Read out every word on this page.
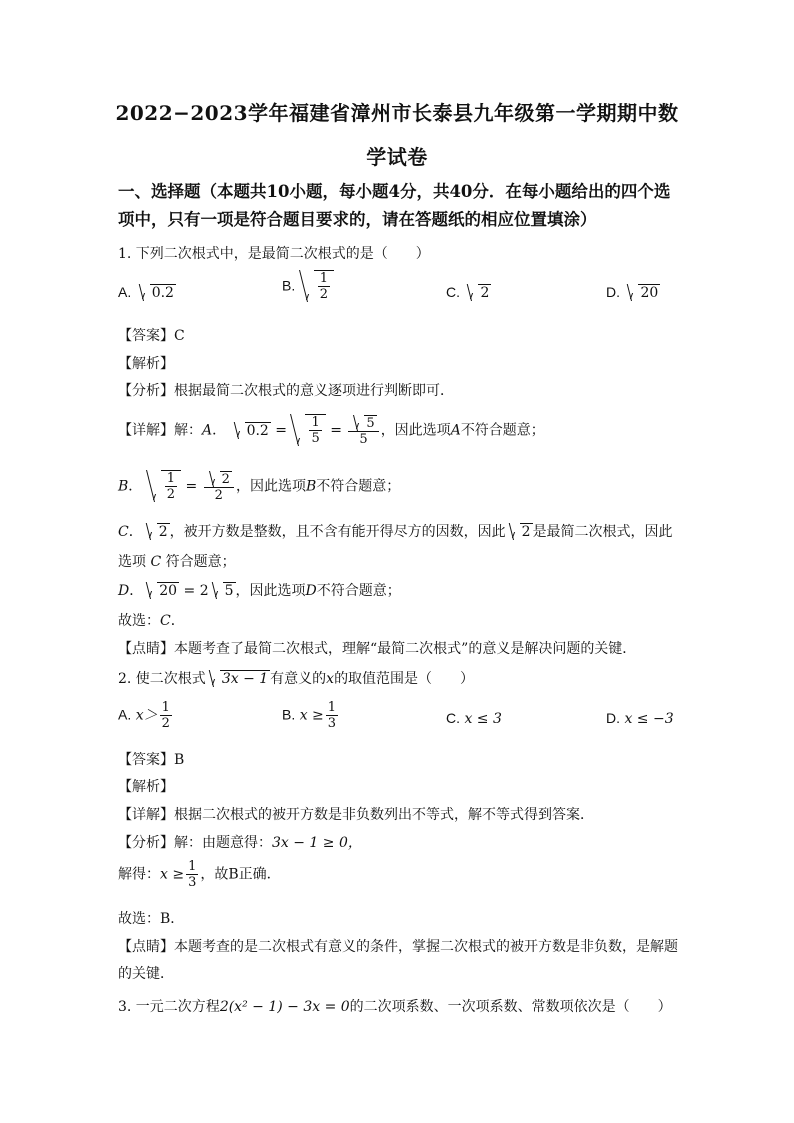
2022−2023学年福建省漳州市长泰县九年级第一学期期中数
学试卷
一、选择题（本题共10小题，每小题4分，共40分．在每小题给出的四个选
项中，只有一项是符合题目要求的，请在答题纸的相应位置填涂）
1. 下列二次根式中，是最简二次根式的是（　　）
A. 0.2	B. $\frac{1}{2}$	C. 2	D. 20
【答案】C
【解析】
【分析】根据最简二次根式的意义逐项进行判断即可．
【详解】解：A． $0.2 = \frac{1}{5} = \frac{5}{5}$ ，因此选项A不符合题意；
B． $\frac{1}{2} = \frac{2}{2}$ ，因此选项B不符合题意；
C． 2 ，被开方数是整数，且不含有能开得尽方的因数，因此 2 是最简二次根式，因此
选项 C 符合题意；
D． 20 = 2 5 ，因此选项D不符合题意；
故选：C．
【点睛】本题考查了最简二次根式，理解“最简二次根式”的意义是解决问题的关键．
2. 使二次根式 3x − 1 有意义的x的取值范围是（　　）
A. $x> \frac{1}{2}$	B. $x \ge \frac{1}{3}$	C. x ≤ 3	D. x ≤ −3
【答案】B
【解析】
【详解】根据二次根式的被开方数是非负数列出不等式，解不等式得到答案．
【分析】解：由题意得：3x − 1 ≥ 0，
解得：$x \ge \frac{1}{3}$ ，故B正确．
故选：B．
【点睛】本题考查的是二次根式有意义的条件，掌握二次根式的被开方数是非负数，是解题
的关键．
3. 一元二次方程2(x² − 1) − 3x = 0的二次项系数、一次项系数、常数项依次是（　　）
